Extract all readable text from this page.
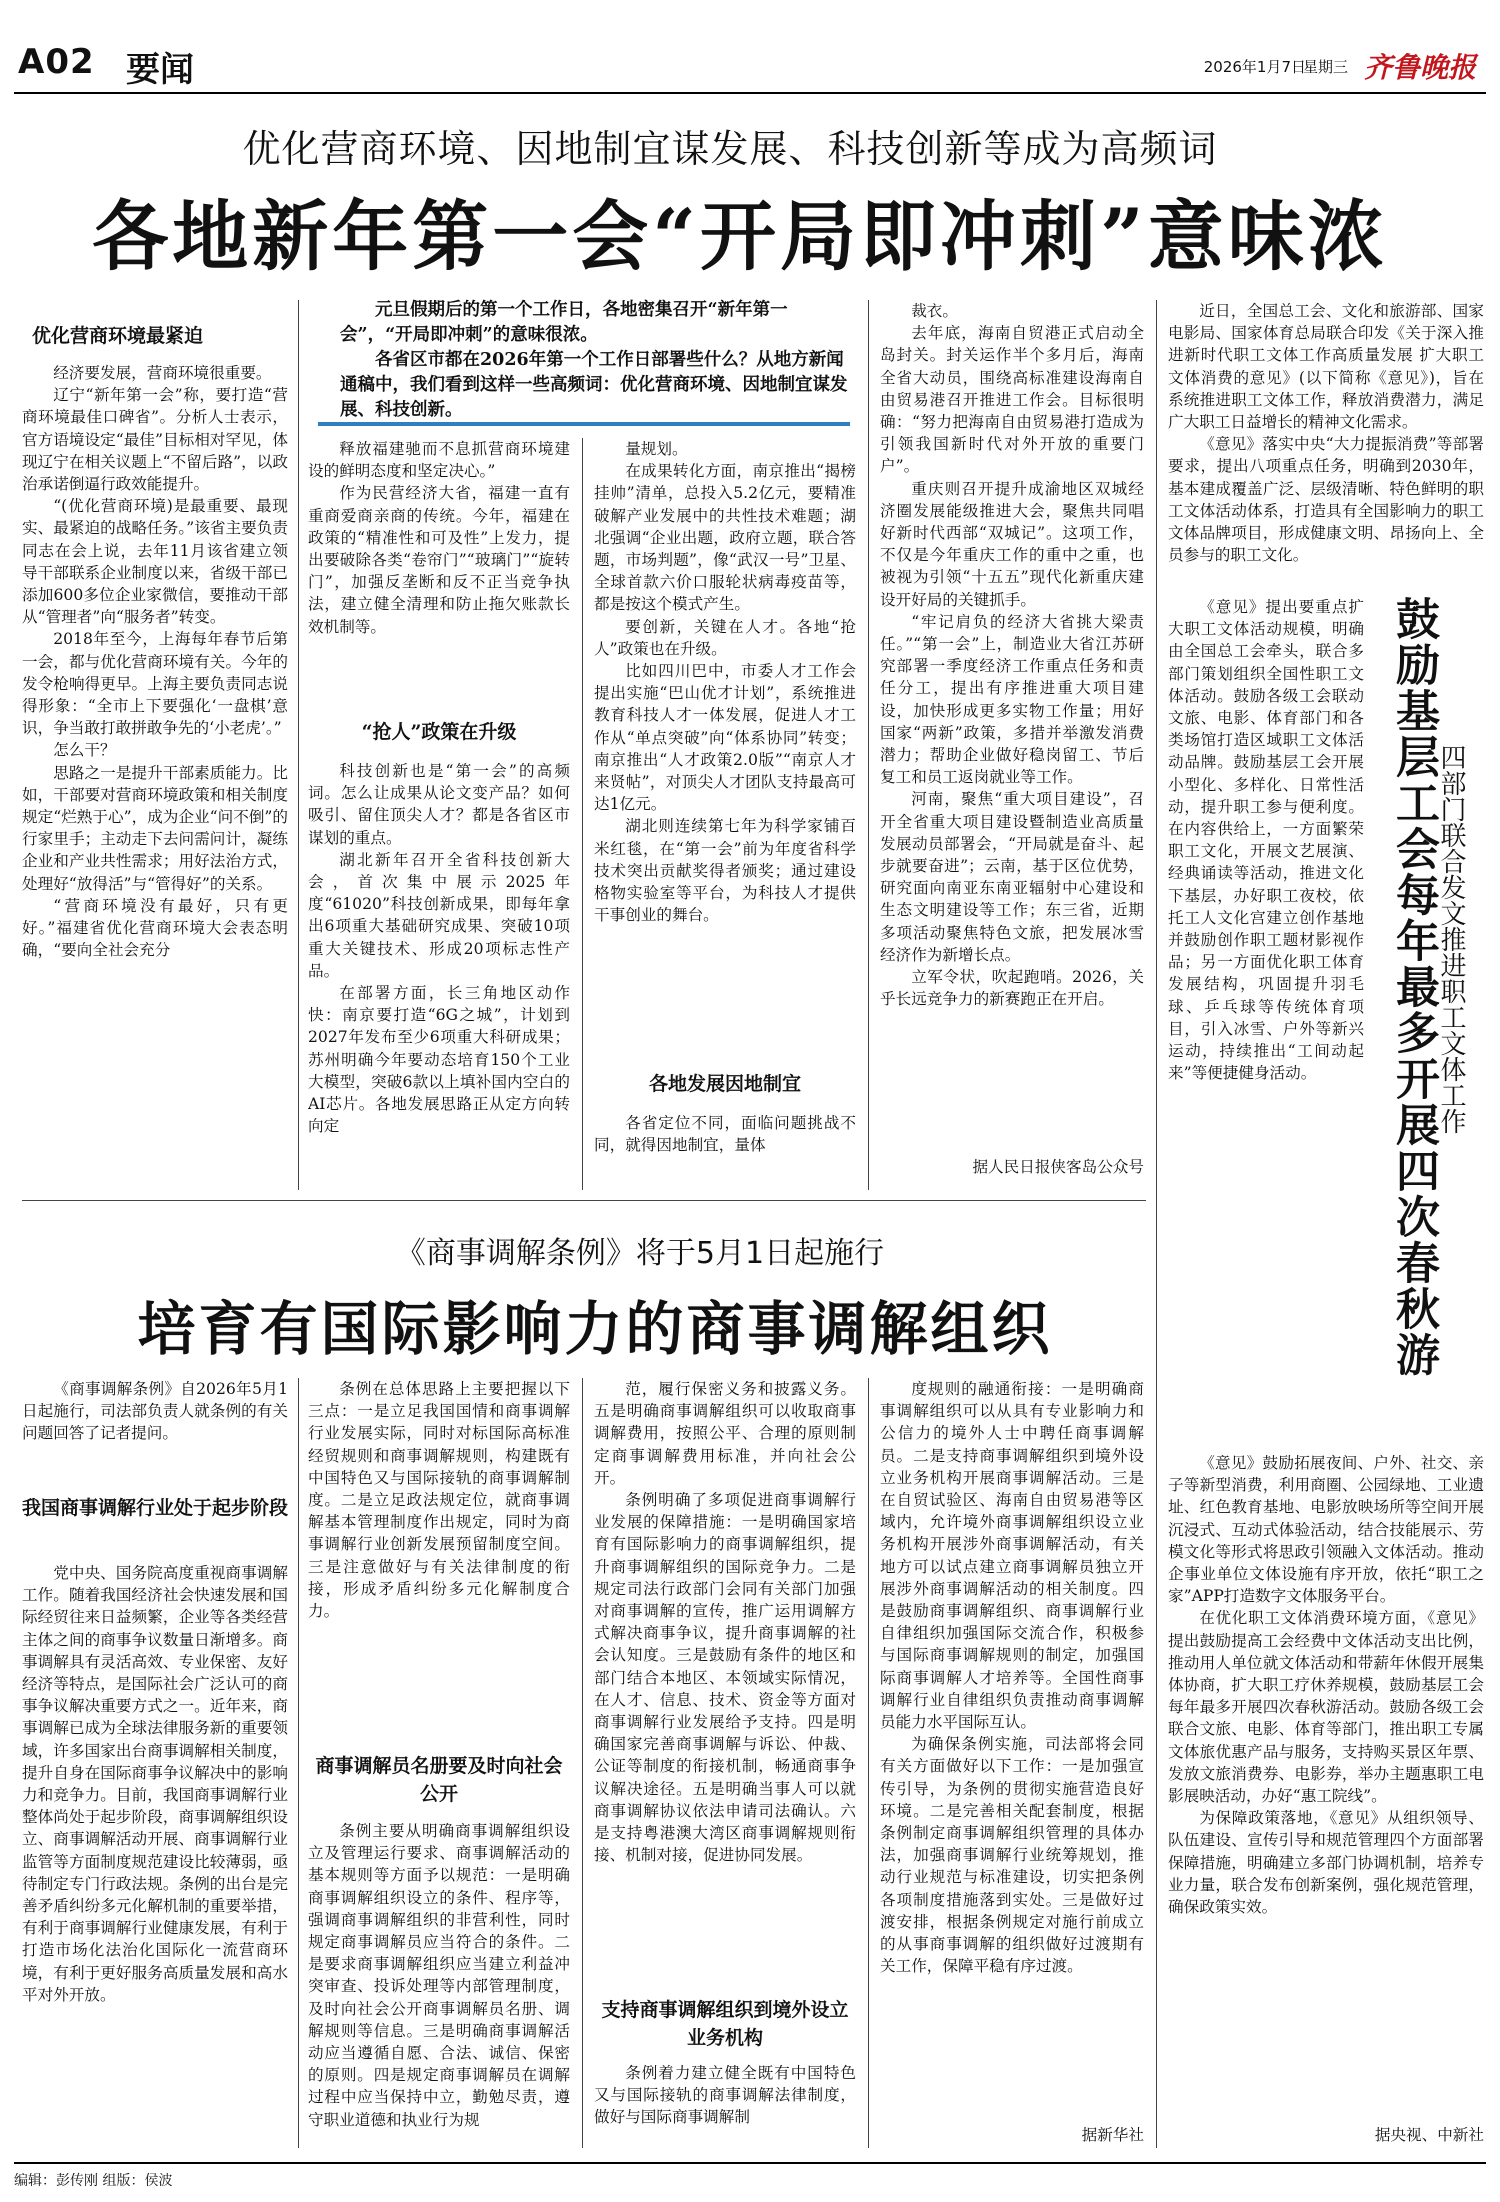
A02 要闻	2026年1月7日
星期三 齐鲁晚报
优化营商环境、因地制宜谋发展、科技创新等成为高频词
各地新年第一会“开局即冲刺”意味浓

元旦假期后的第一个工作日，各地密集召开“新年第一会”，“开局即冲刺”的意味很浓。

各省区市都在2026年第一个工作日部署些什么？从地方新闻通稿中，我们看到这样一些高频词：优化营商环境、因地制宜谋发展、科技创新。

优化营商环境最紧迫

经济要发展，营商环境很重要。

辽宁“新年第一会”称，要打造“营商环境最佳口碑省”。分析人士表示，官方语境设定“最佳”目标相对罕见，体现辽宁在相关议题上“不留后路”，以政治承诺倒逼行政效能提升。

“(优化营商环境)是最重要、最现实、最紧迫的战略任务。”该省主要负责同志在会上说，去年11月该省建立领导干部联系企业制度以来，省级干部已添加600多位企业家微信，要推动干部从“管理者”向“服务者”转变。

2018年至今，上海每年春节后第一会，都与优化营商环境有关。今年的发令枪响得更早。上海主要负责同志说得形象：“全市上下要强化‘一盘棋’意识，争当敢打敢拼敢争先的‘小老虎’。”

怎么干？

思路之一是提升干部素质能力。比如，干部要对营商环境政策和相关制度规定“烂熟于心”，成为企业“问不倒”的行家里手；主动走下去问需问计，凝练企业和产业共性需求；用好法治方式，处理好“放得活”与“管得好”的关系。

“营商环境没有最好，只有更好。”福建省优化营商环境大会表态明确，“要向全社会充分

释放福建驰而不息抓营商环境建设的鲜明态度和坚定决心。”

作为民营经济大省，福建一直有重商爱商亲商的传统。今年，福建在政策的“精准性和可及性”上发力，提出要破除各类“卷帘门”“玻璃门”“旋转门”，加强反垄断和反不正当竞争执法，建立健全清理和防止拖欠账款长效机制等。

“抢人”政策在升级

科技创新也是“第一会”的高频词。怎么让成果从论文变产品？如何吸引、留住顶尖人才？都是各省区市谋划的重点。

湖北新年召开全省科技创新大会，首次集中展示2025年度“61020”科技创新成果，即每年拿出6项重大基础研究成果、突破10项重大关键技术、形成20项标志性产品。

在部署方面，长三角地区动作快：南京要打造“6G之城”，计划到2027年发布至少6项重大科研成果；苏州明确今年要动态培育150个工业大模型，突破6款以上填补国内空白的AI芯片。各地发展思路正从定方向转向定

量规划。

在成果转化方面，南京推出“揭榜挂帅”清单，总投入5.2亿元，要精准破解产业发展中的共性技术难题；湖北强调“企业出题，政府立题，联合答题，市场判题”，像“武汉一号”卫星、全球首款六价口服轮状病毒疫苗等，都是按这个模式产生。

要创新，关键在人才。各地“抢人”政策也在升级。

比如四川巴中，市委人才工作会提出实施“巴山优才计划”，系统推进教育科技人才一体发展，促进人才工作从“单点突破”向“体系协同”转变；南京推出“人才政策2.0版”“南京人才来贤帖”，对顶尖人才团队支持最高可达1亿元。

湖北则连续第七年为科学家铺百米红毯，在“第一会”前为年度省科学技术突出贡献奖得者颁奖；通过建设格物实验室等平台，为科技人才提供干事创业的舞台。

各地发展因地制宜

各省定位不同，面临问题挑战不同，就得因地制宜，量体

裁衣。

去年底，海南自贸港正式启动全岛封关。封关运作半个多月后，海南全省大动员，围绕高标准建设海南自由贸易港召开推进工作会。目标很明确：“努力把海南自由贸易港打造成为引领我国新时代对外开放的重要门户”。

重庆则召开提升成渝地区双城经济圈发展能级推进大会，聚焦共同唱好新时代西部“双城记”。这项工作，不仅是今年重庆工作的重中之重，也被视为引领“十五五”现代化新重庆建设开好局的关键抓手。

“牢记肩负的经济大省挑大梁责任。”“第一会”上，制造业大省江苏研究部署一季度经济工作重点任务和责任分工，提出有序推进重大项目建设，加快形成更多实物工作量；用好国家“两新”政策，多措并举激发消费潜力；帮助企业做好稳岗留工、节后复工和员工返岗就业等工作。

河南，聚焦“重大项目建设”，召开全省重大项目建设暨制造业高质量发展动员部署会，“开局就是奋斗、起步就要奋进”；云南，基于区位优势，研究面向南亚东南亚辐射中心建设和生态文明建设等工作；东三省，近期多项活动聚焦特色文旅，把发展冰雪经济作为新增长点。

立军令状，吹起跑哨。2026，关乎长远竞争力的新赛跑正在开启。

据人民日报侠客岛公众号

《商事调解条例》将于5月1日起施行
培育有国际影响力的商事调解组织

《商事调解条例》自2026年5月1日起施行，司法部负责人就条例的有关问题回答了记者提问。

我国商事调解行业处于起步阶段

党中央、国务院高度重视商事调解工作。随着我国经济社会快速发展和国际经贸往来日益频繁，企业等各类经营主体之间的商事争议数量日渐增多。商事调解具有灵活高效、专业保密、友好经济等特点，是国际社会广泛认可的商事争议解决重要方式之一。近年来，商事调解已成为全球法律服务新的重要领域，许多国家出台商事调解相关制度，提升自身在国际商事争议解决中的影响力和竞争力。目前，我国商事调解行业整体尚处于起步阶段，商事调解组织设立、商事调解活动开展、商事调解行业监管等方面制度规范建设比较薄弱，亟待制定专门行政法规。条例的出台是完善矛盾纠纷多元化解机制的重要举措，有利于商事调解行业健康发展，有利于打造市场化法治化国际化一流营商环境，有利于更好服务高质量发展和高水平对外开放。

条例在总体思路上主要把握以下三点：一是立足我国国情和商事调解行业发展实际，同时对标国际高标准经贸规则和商事调解规则，构建既有中国特色又与国际接轨的商事调解制度。二是立足政法规定位，就商事调解基本管理制度作出规定，同时为商事调解行业创新发展预留制度空间。三是注意做好与有关法律制度的衔接，形成矛盾纠纷多元化解制度合力。

商事调解员名册要及时向社会公开

条例主要从明确商事调解组织设立及管理运行要求、商事调解活动的基本规则等方面予以规范：一是明确商事调解组织设立的条件、程序等，强调商事调解组织的非营利性，同时规定商事调解员应当符合的条件。二是要求商事调解组织应当建立利益冲突审查、投诉处理等内部管理制度，及时向社会公开商事调解员名册、调解规则等信息。三是明确商事调解活动应当遵循自愿、合法、诚信、保密的原则。四是规定商事调解员在调解过程中应当保持中立，勤勉尽责，遵守职业道德和执业行为规

范，履行保密义务和披露义务。五是明确商事调解组织可以收取商事调解费用，按照公平、合理的原则制定商事调解费用标准，并向社会公开。

条例明确了多项促进商事调解行业发展的保障措施：一是明确国家培育有国际影响力的商事调解组织，提升商事调解组织的国际竞争力。二是规定司法行政部门会同有关部门加强对商事调解的宣传，推广运用调解方式解决商事争议，提升商事调解的社会认知度。三是鼓励有条件的地区和部门结合本地区、本领域实际情况，在人才、信息、技术、资金等方面对商事调解行业发展给予支持。四是明确国家完善商事调解与诉讼、仲裁、公证等制度的衔接机制，畅通商事争议解决途径。五是明确当事人可以就商事调解协议依法申请司法确认。六是支持粤港澳大湾区商事调解规则衔接、机制对接，促进协同发展。

支持商事调解组织到境外设立业务机构

条例着力建立健全既有中国特色又与国际接轨的商事调解法律制度，做好与国际商事调解制

度规则的融通衔接：一是明确商事调解组织可以从具有专业影响力和公信力的境外人士中聘任商事调解员。二是支持商事调解组织到境外设立业务机构开展商事调解活动。三是在自贸试验区、海南自由贸易港等区域内，允许境外商事调解组织设立业务机构开展涉外商事调解活动，有关地方可以试点建立商事调解员独立开展涉外商事调解活动的相关制度。四是鼓励商事调解组织、商事调解行业自律组织加强国际交流合作，积极参与国际商事调解规则的制定，加强国际商事调解人才培养等。全国性商事调解行业自律组织负责推动商事调解员能力水平国际互认。

为确保条例实施，司法部将会同有关方面做好以下工作：一是加强宣传引导，为条例的贯彻实施营造良好环境。二是完善相关配套制度，根据条例制定商事调解组织管理的具体办法，加强商事调解行业统筹规划，推动行业规范与标准建设，切实把条例各项制度措施落到实处。三是做好过渡安排，根据条例规定对施行前成立的从事商事调解的组织做好过渡期有关工作，保障平稳有序过渡。

据新华社

近日，全国总工会、文化和旅游部、国家电影局、国家体育总局联合印发《关于深入推进新时代职工文体工作高质量发展 扩大职工文体消费的意见》(以下简称《意见》)，旨在系统推进职工文体工作，释放消费潜力，满足广大职工日益增长的精神文化需求。

《意见》落实中央“大力提振消费”等部署要求，提出八项重点任务，明确到2030年，基本建成覆盖广泛、层级清晰、特色鲜明的职工文体活动体系，打造具有全国影响力的职工文体品牌项目，形成健康文明、昂扬向上、全员参与的职工文化。

《意见》提出要重点扩大职工文体活动规模，明确由全国总工会牵头，联合多部门策划组织全国性职工文体活动。鼓励各级工会联动文旅、电影、体育部门和各类场馆打造区域职工文体活动品牌。鼓励基层工会开展小型化、多样化、日常性活动，提升职工参与便利度。在内容供给上，一方面繁荣职工文化，开展文艺展演、经典诵读等活动，推进文化下基层，办好职工夜校，依托工人文化宫建立创作基地并鼓励创作职工题材影视作品；另一方面优化职工体育发展结构，巩固提升羽毛球、乒乓球等传统体育项目，引入冰雪、户外等新兴运动，持续推出“工间动起来”等便捷健身活动。	鼓励基层工会每年最多开展四次春秋游
四部门联合发文推进职工文体工作

《意见》鼓励拓展夜间、户外、社交、亲子等新型消费，利用商圈、公园绿地、工业遗址、红色教育基地、电影放映场所等空间开展沉浸式、互动式体验活动，结合技能展示、劳模文化等形式将思政引领融入文体活动。推动企事业单位文体设施有序开放，依托“职工之家”APP打造数字文体服务平台。

在优化职工文体消费环境方面，《意见》提出鼓励提高工会经费中文体活动支出比例，推动用人单位就文体活动和带薪年休假开展集体协商，扩大职工疗休养规模，鼓励基层工会每年最多开展四次春秋游活动。鼓励各级工会联合文旅、电影、体育等部门，推出职工专属文体旅优惠产品与服务，支持购买景区年票、发放文旅消费券、电影券，举办主题惠职工电影展映活动，办好“惠工院线”。

为保障政策落地，《意见》从组织领导、队伍建设、宣传引导和规范管理四个方面部署保障措施，明确建立多部门协调机制，培养专业力量，联合发布创新案例，强化规范管理，确保政策实效。

据央视、中新社

编辑：彭传刚 组版：侯波
